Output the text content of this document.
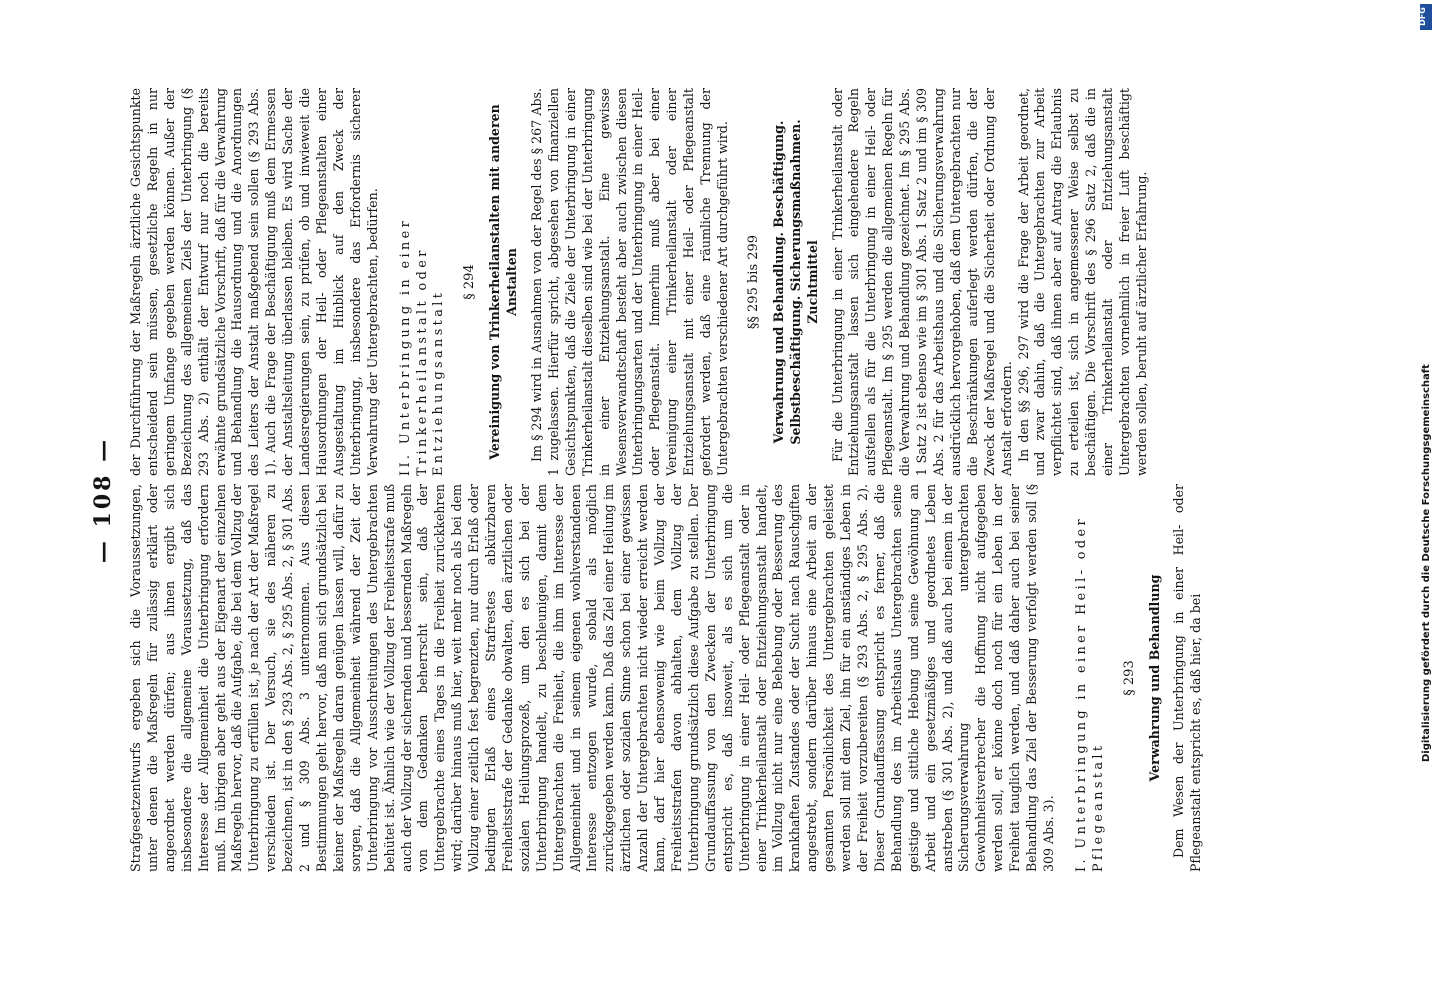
— 108 — Strafgesetzentwurfs ergeben sich die Voraussetzungen, unter denen die Maßregeln für zulässig erklärt oder angeordnet werden dürfen; aus ihnen ergibt sich insbesondere die allgemeine Voraussetzung, daß das Interesse der Allgemeinheit die Unterbringung erfordern muß. Im übrigen aber geht aus der Eigenart der einzelnen Maßregeln hervor, daß die Aufgabe, die bei dem Vollzug der Unterbringung zu erfüllen ist, je nach der Art der Maßregel verschieden ist. Der Versuch, sie des näheren zu bezeichnen, ist in den § 293 Abs. 2, § 295 Abs. 2, § 301 Abs. 2 und § 309 Abs. 3 unternommen. Aus diesen Bestimmungen geht hervor, daß man sich grundsätzlich bei keiner der Maßregeln daran genügen lassen will, dafür zu sorgen, daß die Allgemeinheit während der Zeit der Unterbringung vor Ausschreitungen des Untergebrachten behütet ist. Ähnlich wie der Vollzug der Freiheitsstrafe muß auch der Vollzug der sichernden und bessernden Maßregeln von dem Gedanken beherrscht sein, daß der Untergebrachte eines Tages in die Freiheit zurückkehren wird; darüber hinaus muß hier, weit mehr noch als bei dem Vollzug einer zeitlich fest begrenzten, nur durch Erlaß oder bedingten Erlaß eines Strafrestes abkürzbaren Freiheitsstrafe der Gedanke obwalten, den ärztlichen oder sozialen Heilungsprozeß, um den es sich bei der Unterbringung handelt, zu beschleunigen, damit dem Untergebrachten die Freiheit, die ihm im Interesse der Allgemeinheit und in seinem eigenen wohlverstandenen Interesse entzogen wurde, sobald als möglich zurückgegeben werden kann. Daß das Ziel einer Heilung im ärztlichen oder sozialen Sinne schon bei einer gewissen Anzahl der Untergebrachten nicht wieder erreicht werden kann, darf hier ebensowenig wie beim Vollzug der Freiheitsstrafen davon abhalten, dem Vollzug der Unterbringung grundsätzlich diese Aufgabe zu stellen. Der Grundauffassung von den Zwecken der Unterbringung entspricht es, daß insoweit, als es sich um die Unterbringung in einer Heil- oder Pflegeanstalt oder in einer Trinkerheilanstalt oder Entziehungsanstalt handelt, im Vollzug nicht nur eine Behebung oder Besserung des krankhaften Zustandes oder der Sucht nach Rauschgiften angestrebt, sondern darüber hinaus eine Arbeit an der gesamten Persönlichkeit des Untergebrachten geleistet werden soll mit dem Ziel, ihn für ein anständiges Leben in der Freiheit vorzubereiten (§ 293 Abs. 2, § 295 Abs. 2). Dieser Grundauffassung entspricht es ferner, daß die Behandlung des im Arbeitshaus Untergebrachten seine geistige und sittliche Hebung und seine Gewöhnung an Arbeit und ein gesetzmäßiges und geordnetes Leben anstreben (§ 301 Abs. 2), und daß auch bei einem in der Sicherungsverwahrung untergebrachten Gewohnheitsverbrecher die Hoffnung nicht aufgegeben werden soll, er könne doch noch für ein Leben in der Freiheit tauglich werden, und daß daher auch bei seiner Behandlung das Ziel der Besserung verfolgt werden soll (§ 309 Abs. 3). I. Unterbringung in einer Heil- oder Pflegeanstalt
§ 293 Verwahrung und Behandlung Dem Wesen der Unterbringung in einer Heil- oder Pflegeanstalt entspricht es, daß hier, da bei

der Durchführung der Maßregeln ärztliche Gesichtspunkte entscheidend sein müssen, gesetzliche Regeln in nur geringem Umfange gegeben werden können. Außer der Bezeichnung des allgemeinen Ziels der Unterbringung (§ 293 Abs. 2) enthält der Entwurf nur noch die bereits erwähnte grundsätzliche Vorschrift, daß für die Verwahrung und Behandlung die Hausordnung und die Anordnungen des Leiters der Anstalt maßgebend sein sollen (§ 293 Abs. 1). Auch die Frage der Beschäftigung muß dem Ermessen der Anstaltsleitung überlassen bleiben. Es wird Sache der Landesregierungen sein, zu prüfen, ob und inwieweit die Hausordnungen der Heil- oder Pflegeanstalten einer Ausgestaltung im Hinblick auf den Zweck der Unterbringung, insbesondere das Erfordernis sicherer Verwahrung der Untergebrachten, bedürfen. II. Unterbringung in einer Trinkerheilanstalt oder Entziehungsanstalt
§ 294 Vereinigung von Trinkerheilanstalten mit anderen Anstalten Im § 294 wird in Ausnahmen von der Regel des § 267 Abs. 1 zugelassen. Hierfür spricht, abgesehen von finanziellen Gesichtspunkten, daß die Ziele der Unterbringung in einer Trinkerheilanstalt dieselben sind wie bei der Unterbringung in einer Entziehungsanstalt. Eine gewisse Wesensverwandtschaft besteht aber auch zwischen diesen Unterbringungsarten und der Unterbringung in einer Heil- oder Pflegeanstalt. Immerhin muß aber bei einer Vereinigung einer Trinkerheilanstalt oder einer Entziehungsanstalt mit einer Heil- oder Pflegeanstalt gefordert werden, daß eine räumliche Trennung der Untergebrachten verschiedener Art durchgeführt wird. §§ 295 bis 299 Verwahrung und Behandlung. Beschäftigung. Selbstbeschäftigung. Sicherungsmaßnahmen. Zuchtmittel Für die Unterbringung in einer Trinkerheilanstalt oder Entziehungsanstalt lassen sich eingehendere Regeln aufstellen als für die Unterbringung in einer Heil- oder Pflegeanstalt. Im § 295 werden die allgemeinen Regeln für die Verwahrung und Behandlung gezeichnet. Im § 295 Abs. 1 Satz 2 ist ebenso wie im § 301 Abs. 1 Satz 2 und im § 309 Abs. 2 für das Arbeitshaus und die Sicherungsverwahrung ausdrücklich hervorgehoben, daß dem Untergebrachten nur die Beschränkungen auferlegt werden dürfen, die der Zweck der Maßregel und die Sicherheit oder Ordnung der Anstalt erfordern. In den §§ 296, 297 wird die Frage der Arbeit geordnet, und zwar dahin, daß die Untergebrachten zur Arbeit verpflichtet sind, daß ihnen aber auf Antrag die Erlaubnis zu erteilen ist, sich in angemessener Weise selbst zu beschäftigen. Die Vorschrift des § 296 Satz 2, daß die in einer Trinkerheilanstalt oder Entziehungsanstalt Untergebrachten vornehmlich in freier Luft beschäftigt werden sollen, beruht auf ärztlicher Erfahrung.

Digitalisierung gefördert durch die Deutsche Forschungsgemeinschaft
DFG
